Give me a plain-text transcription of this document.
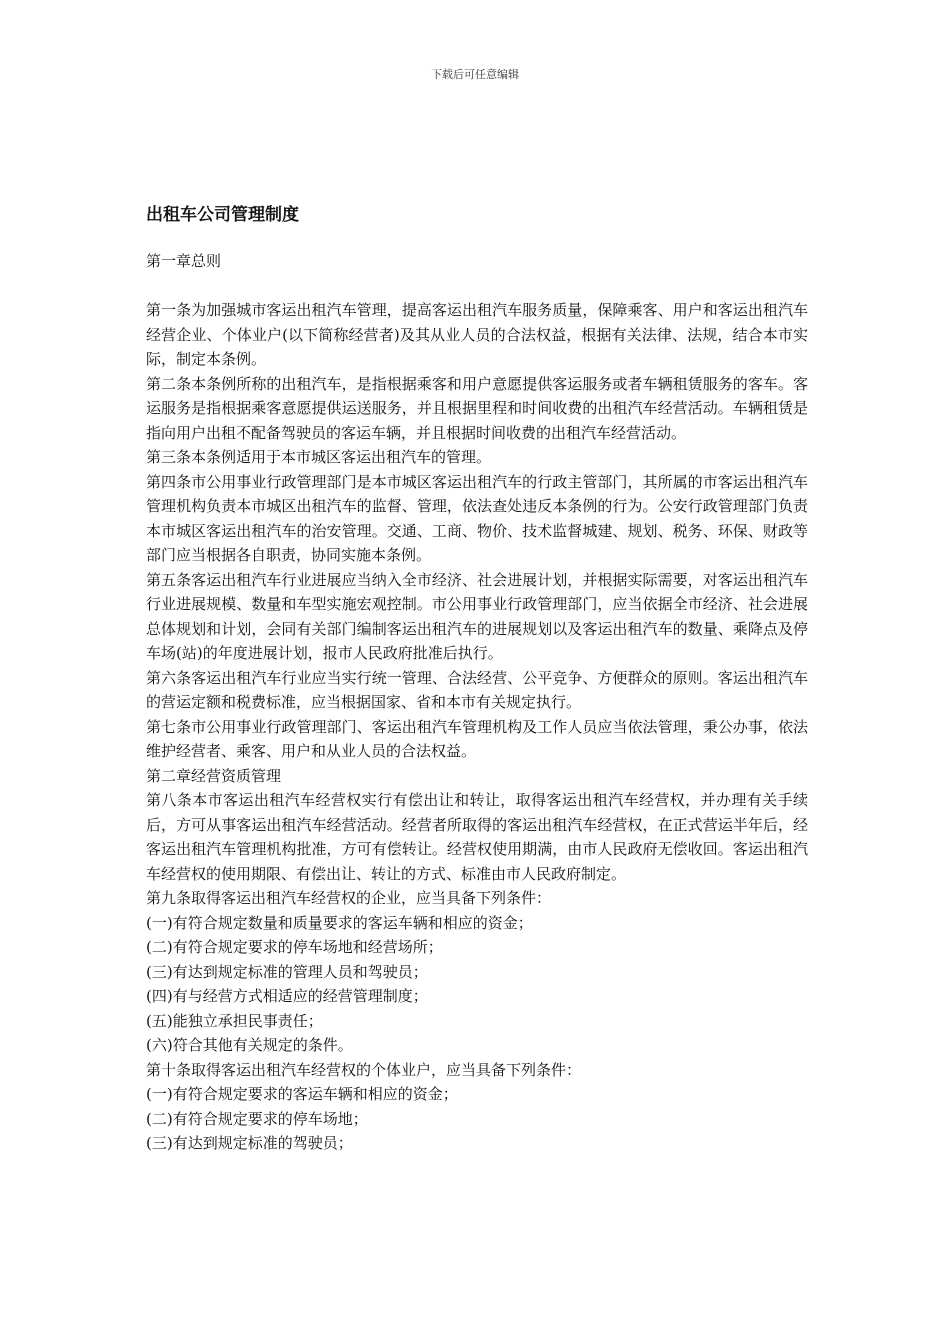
下载后可任意编辑
出租车公司管理制度

第一章总则

第一条为加强城市客运出租汽车管理，提高客运出租汽车服务质量，保障乘客、用户和客运出租汽车经营企业、个体业户(以下简称经营者)及其从业人员的合法权益，根据有关法律、法规，结合本市实际，制定本条例。

第二条本条例所称的出租汽车，是指根据乘客和用户意愿提供客运服务或者车辆租赁服务的客车。客运服务是指根据乘客意愿提供运送服务，并且根据里程和时间收费的出租汽车经营活动。车辆租赁是指向用户出租不配备驾驶员的客运车辆，并且根据时间收费的出租汽车经营活动。

第三条本条例适用于本市城区客运出租汽车的管理。

第四条市公用事业行政管理部门是本市城区客运出租汽车的行政主管部门，其所属的市客运出租汽车管理机构负责本市城区出租汽车的监督、管理，依法查处违反本条例的行为。公安行政管理部门负责本市城区客运出租汽车的治安管理。交通、工商、物价、技术监督城建、规划、税务、环保、财政等部门应当根据各自职责，协同实施本条例。

第五条客运出租汽车行业进展应当纳入全市经济、社会进展计划，并根据实际需要，对客运出租汽车行业进展规模、数量和车型实施宏观控制。市公用事业行政管理部门，应当依据全市经济、社会进展总体规划和计划，会同有关部门编制客运出租汽车的进展规划以及客运出租汽车的数量、乘降点及停车场(站)的年度进展计划，报市人民政府批准后执行。

第六条客运出租汽车行业应当实行统一管理、合法经营、公平竞争、方便群众的原则。客运出租汽车的营运定额和税费标准，应当根据国家、省和本市有关规定执行。

第七条市公用事业行政管理部门、客运出租汽车管理机构及工作人员应当依法管理，秉公办事，依法维护经营者、乘客、用户和从业人员的合法权益。

第二章经营资质管理

第八条本市客运出租汽车经营权实行有偿出让和转让，取得客运出租汽车经营权，并办理有关手续后，方可从事客运出租汽车经营活动。经营者所取得的客运出租汽车经营权，在正式营运半年后，经客运出租汽车管理机构批准，方可有偿转让。经营权使用期满，由市人民政府无偿收回。客运出租汽车经营权的使用期限、有偿出让、转让的方式、标准由市人民政府制定。

第九条取得客运出租汽车经营权的企业，应当具备下列条件：

(一)有符合规定数量和质量要求的客运车辆和相应的资金；

(二)有符合规定要求的停车场地和经营场所；

(三)有达到规定标准的管理人员和驾驶员；

(四)有与经营方式相适应的经营管理制度；

(五)能独立承担民事责任；

(六)符合其他有关规定的条件。

第十条取得客运出租汽车经营权的个体业户，应当具备下列条件：

(一)有符合规定要求的客运车辆和相应的资金；

(二)有符合规定要求的停车场地；

(三)有达到规定标准的驾驶员；
